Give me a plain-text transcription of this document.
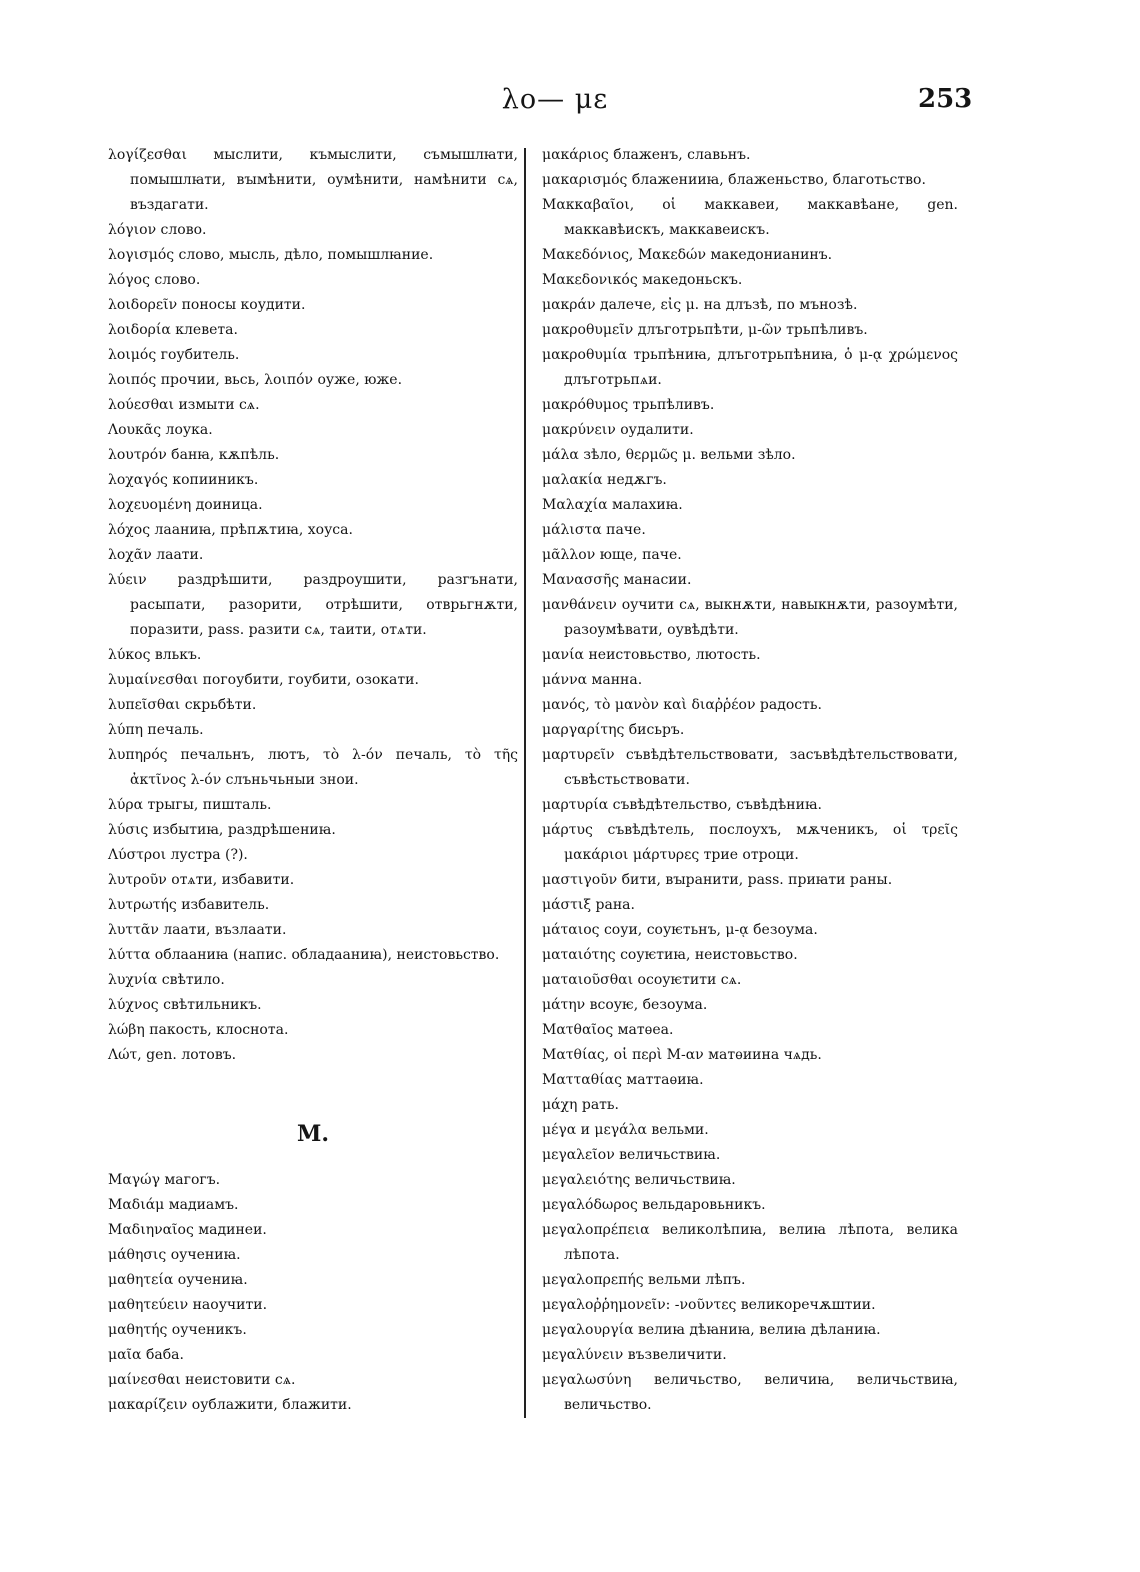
λο— με	253
λογίζεσθαι мыслити, къмыслити, съмышлꙗти, помышлꙗти, вꙑмѣнити, оумѣнити, намѣнити сѧ, въздагати.
λόγιον слово.
λογισμός слово, мысль, дѣло, помышлꙗние.
λόγος слово.
λοιδορεῖν поносы коудити.
λοιδορία клевета.
λοιμός гоубитель.
λοιπός прочии, вьсь, λοιπόν оуже, юже.
λούεσθαι измыти сѧ.
Λουκᾶς лоука.
λουτρόν банꙗ, кѫпѣль.
λοχαγός копииникъ.
λοχευομένη доиница.
λόχος лааниꙗ, прѣпѫтиꙗ, хоуса.
λοχᾶν лаати.
λύειν раздрѣшити, раздроушити, разгънати, расыпати, разорити, отрѣшити, отврьгнѫти, поразити, pass. разити сѧ, таити, отѧти.
λύκος влькъ.
λυμαίνεσθαι погоубити, гоубити, озокати.
λυπεῖσθαι скрьбѣти.
λύπη печаль.
λυπηρός печальнъ, лютъ, τὸ λ-όν печаль, τὸ τῆς ἀκτῖνος λ-όν слъньчьныи знои.
λύρα трыгы, пишталь.
λύσις избытиꙗ, раздрѣшениꙗ.
Λύστροι лустра (?).
λυτροῦν отѧти, избавити.
λυτρωτής избавитель.
λυττᾶν лаати, възлаати.
λύττα облааниꙗ (напис. обладааниꙗ), неистовьство.
λυχνία свѣтило.
λύχνος свѣтильникъ.
λώβη пакость, клоснота.
Λώτ, gen. лотовъ.
M.
Μαγώγ магогъ.
Μαδιάμ мадиамъ.
Μαδιηναῖος мадинеи.
μάθησις оучениꙗ.
μαθητεία оучениꙗ.
μαθητεύειν наоучити.
μαθητής оученикъ.
μαῖα баба.
μαίνεσθαι неистовити сѧ.
μακαρίζειν оублажити, блажити.
μακάριος блаженъ, славьнъ.
μακαρισμός блаженииꙗ, блаженьство, благотьство.
Μακκαβαῖοι, οἱ маккавеи, маккавѣане, gen. маккавѣискъ, маккавеискъ.
Μακεδόνιος, Μακεδών македонианинъ.
Μακεδονικός македоньскъ.
μακράν далече, εἰς μ. на длъзѣ, по мънозѣ.
μακροθυμεῖν длъготрьпѣти, μ-ῶν трьпѣливъ.
μακροθυμία трьпѣниꙗ, длъготрьпѣниꙗ, ὁ μ-ᾳ χρώμενος длъготрьпѧи.
μακρόθυμος трьпѣливъ.
μακρύνειν оудалити.
μάλα зѣло, θερμῶς μ. вельми зѣло.
μαλακία недѫгъ.
Μαλαχία малахиꙗ.
μάλιστα паче.
μᾶλλον юще, паче.
Μανασσῆς манасии.
μανθάνειν оучити сѧ, выкнѫти, навыкнѫти, разоумѣти, разоумѣвати, оувѣдѣти.
μανία неистовьство, лютость.
μάννα манна.
μανός, τὸ μανὸν καὶ διαῤῥέον радость.
μαργαρίτης бисьръ.
μαρτυρεῖν съвѣдѣтельствовати, засъвѣдѣтельствовати, съвѣстьствовати.
μαρτυρία съвѣдѣтельство, съвѣдѣниꙗ.
μάρτυς съвѣдѣтель, послоухъ, мѫченикъ, οἱ τρεῖς μακάριοι μάρτυρες трие отроци.
μαστιγοῦν бити, вꙑранити, pass. приꙗти раны.
μάστιξ рана.
μάταιος соуи, соуѥтьнъ, μ-ᾳ безоума.
ματαιότης соуѥтиꙗ, неистовьство.
ματαιοῦσθαι осоуѥтити сѧ.
μάτην всоуѥ, безоума.
Ματθαῖος матѳеа.
Ματθίας, οἱ περὶ M-αν матѳиина чѧдь.
Ματταθίας маттаѳиꙗ.
μάχη рать.
μέγα и μεγάλα вельми.
μεγαλεῖον величьствиꙗ.
μεγαλειότης величьствиꙗ.
μεγαλόδωρος вельдаровьникъ.
μεγαλοπρέπεια великолѣпиꙗ, велиꙗ лѣпота, велика лѣпота.
μεγαλοπρεπής вельми лѣпъ.
μεγαλοῤῥημονεῖν: -νοῦντες великоречѫштии.
μεγαλουργία велиꙗ дѣꙗниꙗ, велиꙗ дѣланиꙗ.
μεγαλύνειν възвеличити.
μεγαλωσύνη величьство, величиꙗ, величьствиꙗ, величьство.
